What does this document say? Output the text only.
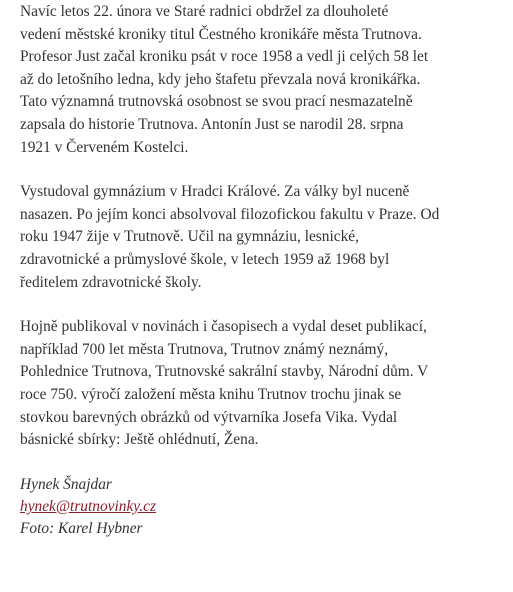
Navíc letos 22. února ve Staré radnici obdržel za dlouholeté
vedení městské kroniky titul Čestného kronikáře města Trutnova.
Profesor Just začal kroniku psát v roce 1958 a vedl ji celých 58 let
až do letošního ledna, kdy jeho štafetu převzala nová kronikářka.
Tato významná trutnovská osobnost se svou prací nesmazatelně
zapsala do historie Trutnova. Antonín Just se narodil 28. srpna
1921 v Červeném Kostelci.

Vystudoval gymnázium v Hradci Králové. Za války byl nuceně
nasazen. Po jejím konci absolvoval filozofickou fakultu v Praze. Od
roku 1947 žije v Trutnově. Učil na gymnáziu, lesnické,
zdravotnické a průmyslové škole, v letech 1959 až 1968 byl
ředitelem zdravotnické školy.

Hojně publikoval v novinách i časopisech a vydal deset publikací,
například 700 let města Trutnova, Trutnov známý neznámý,
Pohlednice Trutnova, Trutnovské sakrální stavby, Národní dům. V
roce 750. výročí založení města knihu Trutnov trochu jinak se
stovkou barevných obrázků od výtvarníka Josefa Vika. Vydal
básnické sbírky: Ještě ohlédnutí, Žena.

Hynek Šnajdar
hynek@trutnovinky.cz
Foto: Karel Hybner
